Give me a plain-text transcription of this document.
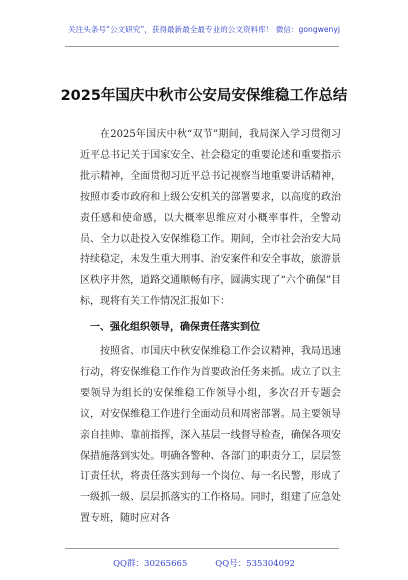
关注头条号“公文研究”，获得最新最全最专业的公文资料库！ 微信：gongwenyj
2025年国庆中秋市公安局安保维稳工作总结
在2025年国庆中秋“双节”期间，我局深入学习贯彻习近平总书记关于国家安全、社会稳定的重要论述和重要指示批示精神，全面贯彻习近平总书记视察当地重要讲话精神，按照市委市政府和上级公安机关的部署要求，以高度的政治责任感和使命感，以大概率思维应对小概率事件，全警动员、全力以赴投入安保维稳工作。期间，全市社会治安大局持续稳定，未发生重大刑事、治安案件和安全事故，旅游景区秩序井然，道路交通顺畅有序，圆满实现了“六个确保”目标，现将有关工作情况汇报如下：
一、强化组织领导，确保责任落实到位
按照省、市国庆中秋安保维稳工作会议精神，我局迅速行动，将安保维稳工作作为首要政治任务来抓。成立了以主要领导为组长的安保维稳工作领导小组，多次召开专题会议，对安保维稳工作进行全面动员和周密部署。局主要领导亲自挂帅、靠前指挥，深入基层一线督导检查，确保各项安保措施落到实处。明确各警种、各部门的职责分工，层层签订责任状，将责任落实到每一个岗位、每一名民警，形成了一级抓一级、层层抓落实的工作格局。同时，组建了应急处置专班，随时应对各
QQ群：30265665	QQ号：535304092
